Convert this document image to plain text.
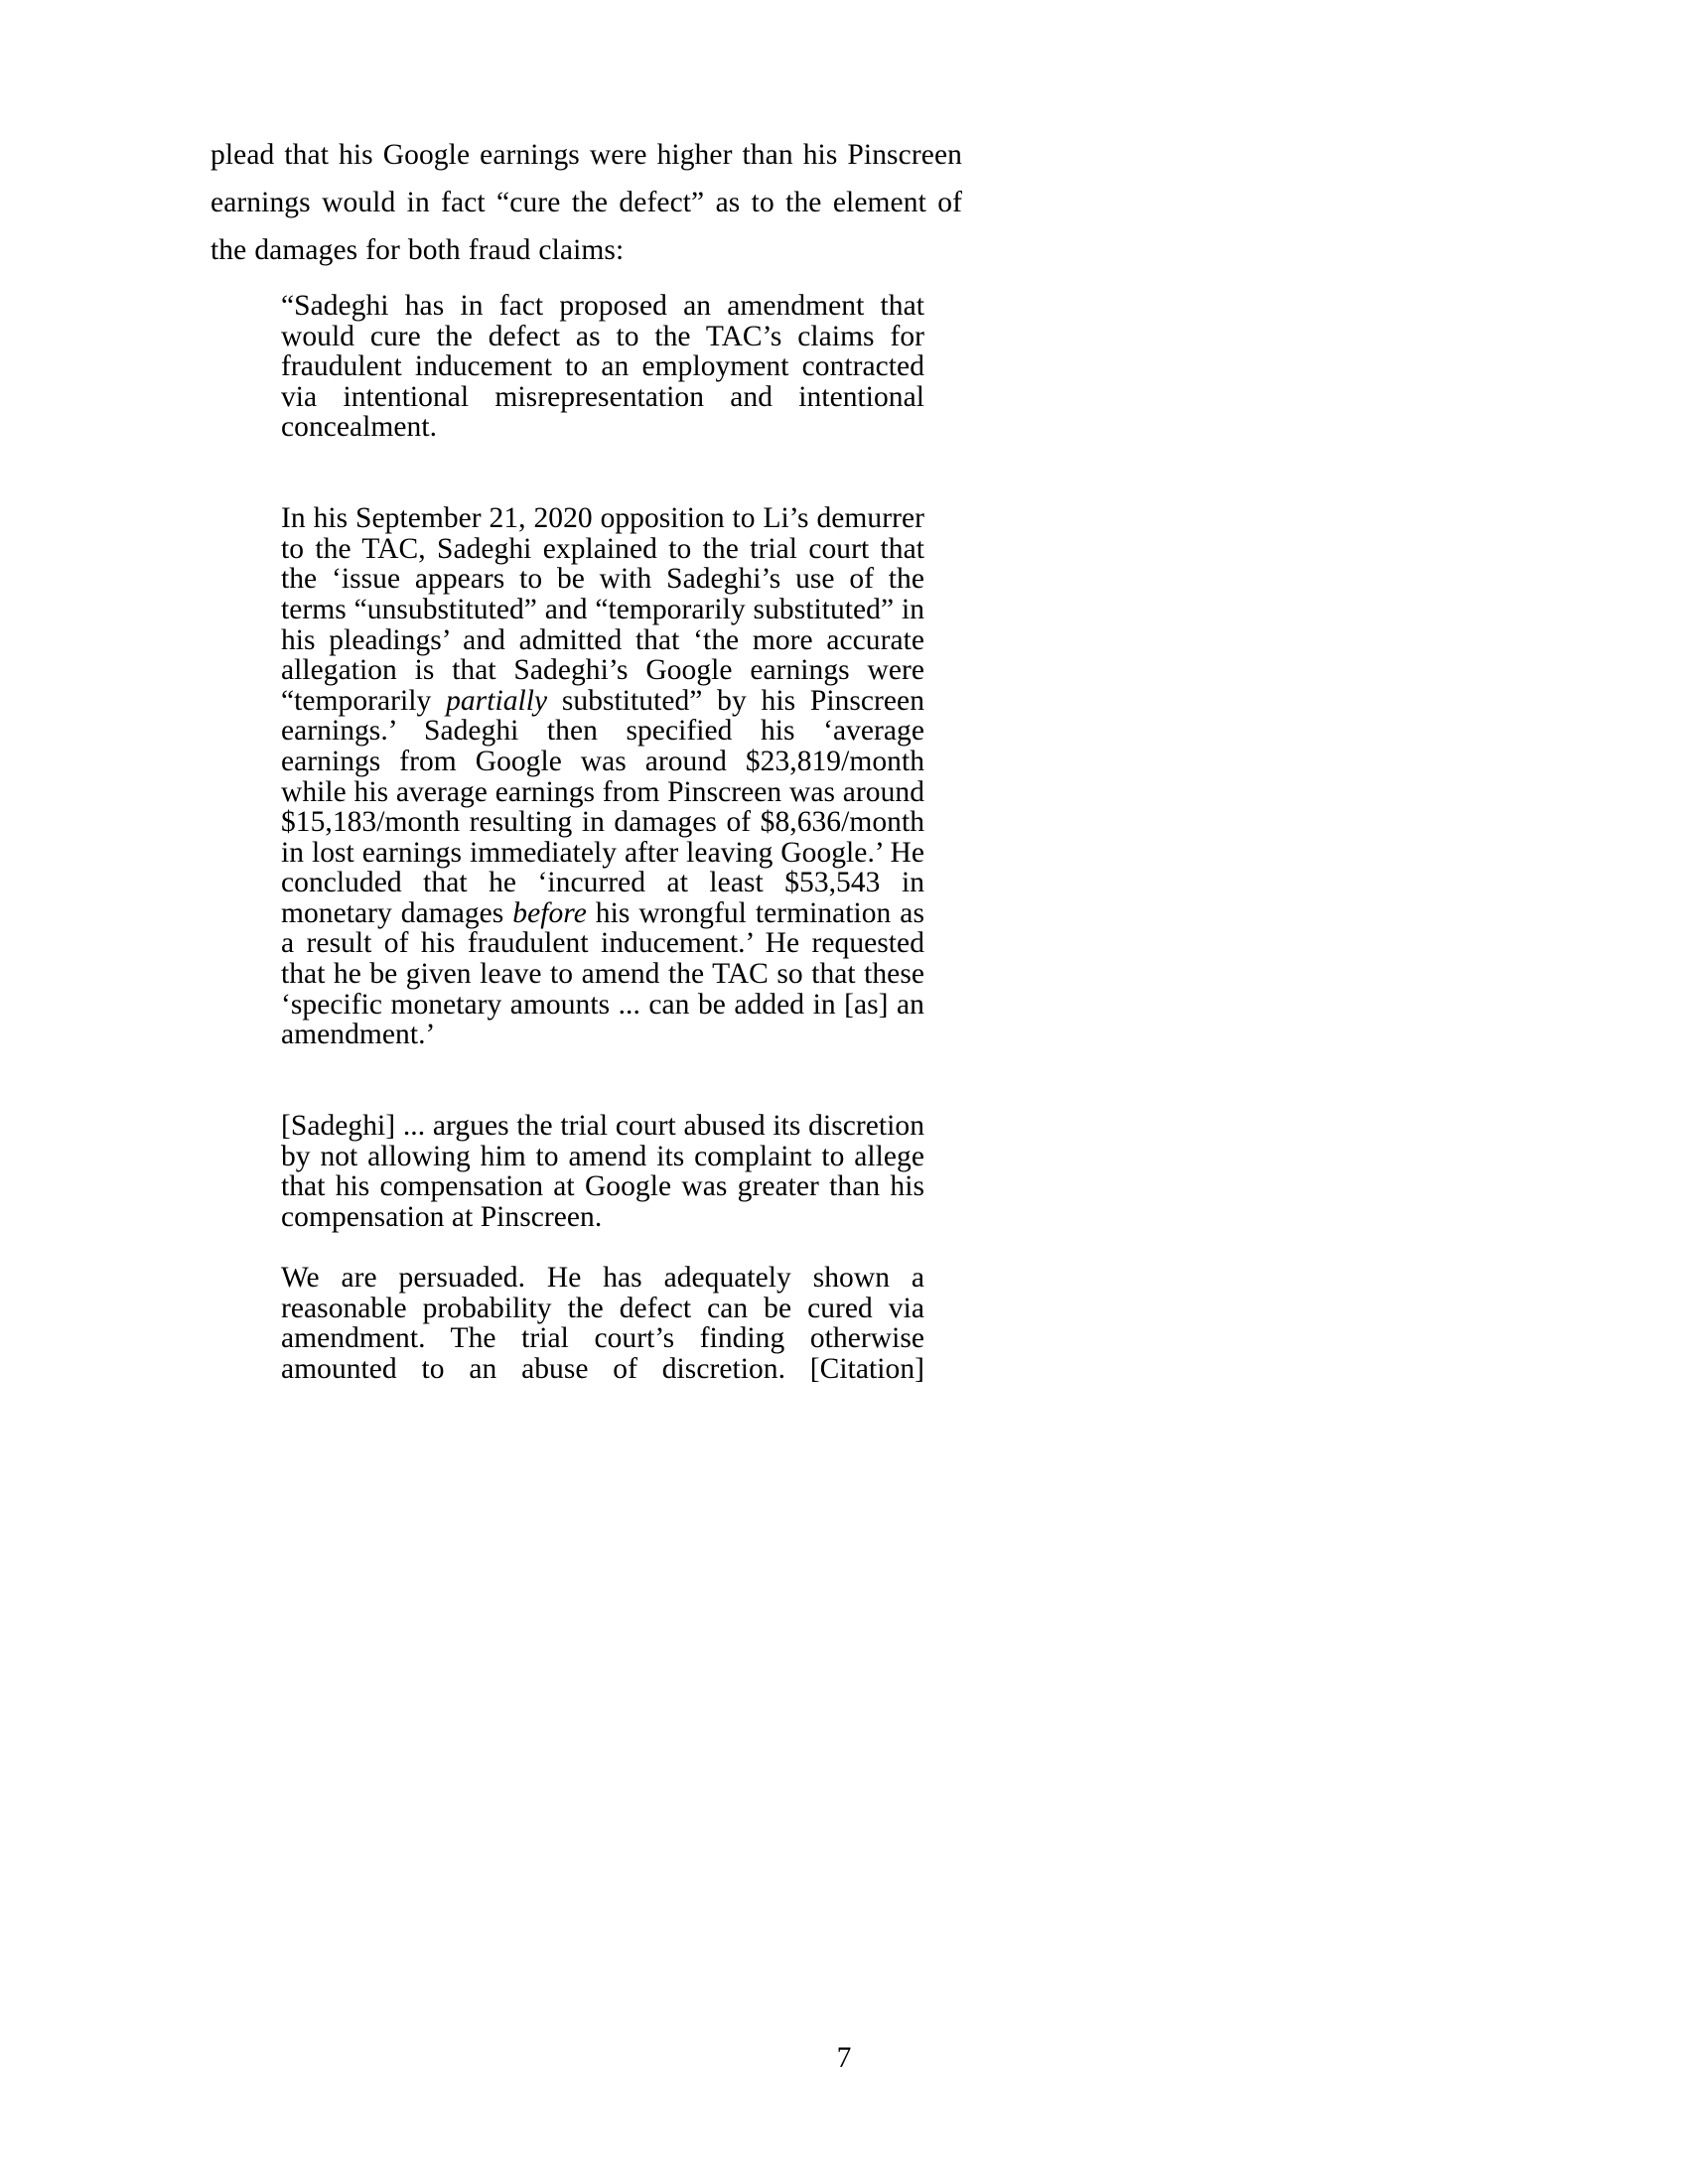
plead that his Google earnings were higher than his Pinscreen earnings would in fact “cure the defect” as to the element of the damages for both fraud claims:

“Sadeghi has in fact proposed an amendment that would cure the defect as to the TAC’s claims for fraudulent inducement to an employment contracted via intentional misrepresentation and intentional concealment.

In his September 21, 2020 opposition to Li’s demurrer to the TAC, Sadeghi explained to the trial court that the ‘issue appears to be with Sadeghi’s use of the terms “unsubstituted” and “temporarily substituted” in his pleadings’ and admitted that ‘the more accurate allegation is that Sadeghi’s Google earnings were “temporarily partially substituted” by his Pinscreen earnings.’ Sadeghi then specified his ‘average earnings from Google was around $23,819/month while his average earnings from Pinscreen was around $15,183/month resulting in damages of $8,636/month in lost earnings immediately after leaving Google.’ He concluded that he ‘incurred at least $53,543 in monetary damages before his wrongful termination as a result of his fraudulent inducement.’ He requested that he be given leave to amend the TAC so that these ‘specific monetary amounts ... can be added in [as] an amendment.’

[Sadeghi] ... argues the trial court abused its discretion by not allowing him to amend its complaint to allege that his compensation at Google was greater than his compensation at Pinscreen.

We are persuaded. He has adequately shown a reasonable probability the defect can be cured via amendment. The trial court’s finding otherwise amounted to an abuse of discretion. [Citation]

7
